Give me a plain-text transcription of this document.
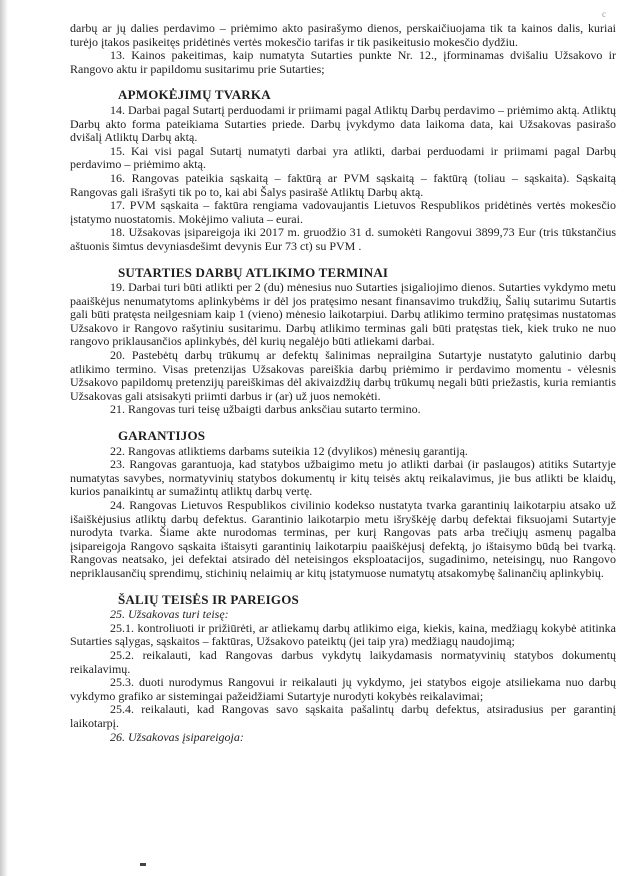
c

darbų ar jų dalies perdavimo – priėmimo akto pasirašymo dienos, perskaičiuojama tik ta kainos dalis, kuriai turėjo įtakos pasikeitęs pridėtinės vertės mokesčio tarifas ir tik pasikeitusio mokesčio dydžiu.

13. Kainos pakeitimas, kaip numatyta Sutarties punkte Nr. 12., įforminamas dvišaliu Užsakovo ir Rangovo aktu ir papildomu susitarimu prie Sutarties;

APMOKĖJIMŲ TVARKA

14. Darbai pagal Sutartį perduodami ir priimami pagal Atliktų Darbų perdavimo – priėmimo aktą. Atliktų Darbų akto forma pateikiama Sutarties priede. Darbų įvykdymo data laikoma data, kai Užsakovas pasirašo dvišalį Atliktų Darbų aktą.

15. Kai visi pagal Sutartį numatyti darbai yra atlikti, darbai perduodami ir priimami pagal Darbų perdavimo – priėmimo aktą.

16. Rangovas pateikia sąskaitą – faktūrą ar PVM sąskaitą – faktūrą (toliau – sąskaita). Sąskaitą Rangovas gali išrašyti tik po to, kai abi Šalys pasirašė Atliktų Darbų aktą.

17. PVM sąskaita – faktūra rengiama vadovaujantis Lietuvos Respublikos pridėtinės vertės mokesčio įstatymo nuostatomis. Mokėjimo valiuta – eurai.

18. Užsakovas įsipareigoja iki 2017 m. gruodžio 31 d. sumokėti Rangovui 3899,73 Eur (tris tūkstančius aštuonis šimtus devyniasdešimt devynis Eur 73 ct) su PVM .

SUTARTIES DARBŲ ATLIKIMO TERMINAI

19. Darbai turi būti atlikti per 2 (du) mėnesius nuo Sutarties įsigaliojimo dienos. Sutarties vykdymo metu paaiškėjus nenumatytoms aplinkybėms ir dėl jos pratęsimo nesant finansavimo trukdžių, Šalių sutarimu Sutartis gali būti pratęsta neilgesniam kaip 1 (vieno) mėnesio laikotarpiui. Darbų atlikimo termino pratęsimas nustatomas Užsakovo ir Rangovo rašytiniu susitarimu. Darbų atlikimo terminas gali būti pratęstas tiek, kiek truko ne nuo rangovo priklausančios aplinkybės, dėl kurių negalėjo būti atliekami darbai.

20. Pastebėtų darbų trūkumų ar defektų šalinimas neprailgina Sutartyje nustatyto galutinio darbų atlikimo termino. Visas pretenzijas Užsakovas pareiškia darbų priėmimo ir perdavimo momentu - vėlesnis Užsakovo papildomų pretenzijų pareiškimas dėl akivaizdžių darbų trūkumų negali būti priežastis, kuria remiantis Užsakovas gali atsisakyti priimti darbus ir (ar) už juos nemokėti.

21. Rangovas turi teisę užbaigti darbus anksčiau sutarto termino.

GARANTIJOS

22. Rangovas atliktiems darbams suteikia 12 (dvylikos) mėnesių garantiją.

23. Rangovas garantuoja, kad statybos užbaigimo metu jo atlikti darbai (ir paslaugos) atitiks Sutartyje numatytas savybes, normatyvinių statybos dokumentų ir kitų teisės aktų reikalavimus, jie bus atlikti be klaidų, kurios panaikintų ar sumažintų atliktų darbų vertę.

24. Rangovas Lietuvos Respublikos civilinio kodekso nustatyta tvarka garantinių laikotarpiu atsako už išaiškėjusius atliktų darbų defektus. Garantinio laikotarpio metu išryškėję darbų defektai fiksuojami Sutartyje nurodyta tvarka. Šiame akte nurodomas terminas, per kurį Rangovas pats arba trečiųjų asmenų pagalba įsipareigoja Rangovo sąskaita ištaisyti garantinių laikotarpiu paaiškėjusį defektą, jo ištaisymo būdą bei tvarką. Rangovas neatsako, jei defektai atsirado dėl neteisingos eksploatacijos, sugadinimo, neteisingų, nuo Rangovo nepriklausančių sprendimų, stichinių nelaimių ar kitų įstatymuose numatytų atsakomybę šalinančių aplinkybių.

ŠALIŲ TEISĖS IR PAREIGOS

25. Užsakovas turi teisę:

25.1. kontroliuoti ir prižiūrėti, ar atliekamų darbų atlikimo eiga, kiekis, kaina, medžiagų kokybė atitinka Sutarties sąlygas, sąskaitos – faktūras, Užsakovo pateiktų (jei taip yra) medžiagų naudojimą;

25.2. reikalauti, kad Rangovas darbus vykdytų laikydamasis normatyvinių statybos dokumentų reikalavimų.

25.3. duoti nurodymus Rangovui ir reikalauti jų vykdymo, jei statybos eigoje atsiliekama nuo darbų vykdymo grafiko ar sistemingai pažeidžiami Sutartyje nurodyti kokybės reikalavimai;

25.4. reikalauti, kad Rangovas savo sąskaita pašalintų darbų defektus, atsiradusius per garantinį laikotarpį.

26. Užsakovas įsipareigoja:
